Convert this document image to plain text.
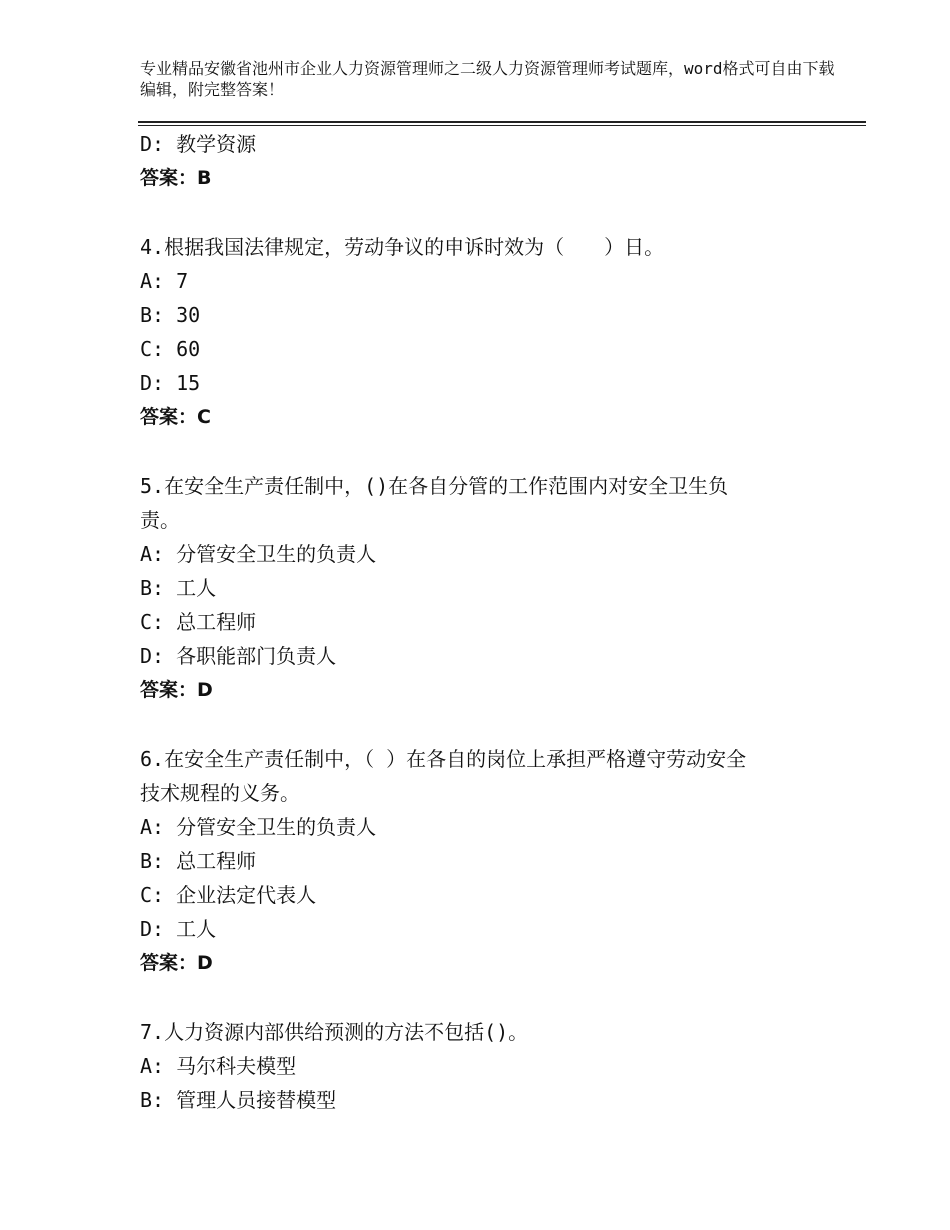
专业精品安徽省池州市企业人力资源管理师之二级人力资源管理师考试题库，word格式可自由下载编辑，附完整答案！
D: 教学资源
答案：B
4.根据我国法律规定，劳动争议的申诉时效为（　　）日。
A: 7
B: 30
C: 60
D: 15
答案：C
5.在安全生产责任制中，()在各自分管的工作范围内对安全卫生负
责。
A: 分管安全卫生的负责人
B: 工人
C: 总工程师
D: 各职能部门负责人
答案：D
6.在安全生产责任制中，（ ）在各自的岗位上承担严格遵守劳动安全
技术规程的义务。
A: 分管安全卫生的负责人
B: 总工程师
C: 企业法定代表人
D: 工人
答案：D
7.人力资源内部供给预测的方法不包括()。
A: 马尔科夫模型
B: 管理人员接替模型
